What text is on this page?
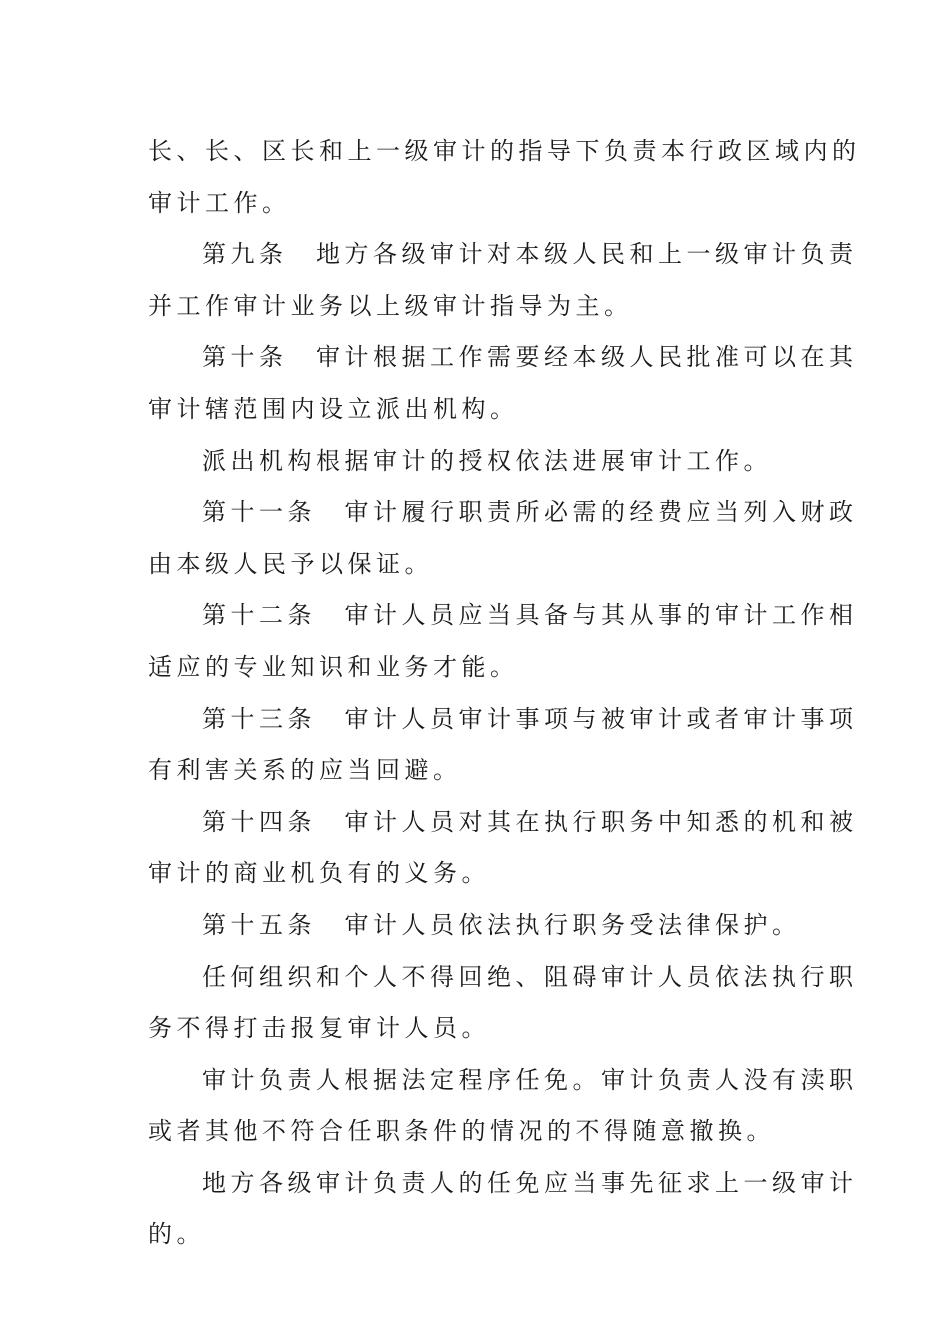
长、长、区长和上一级审计的指导下负责本行政区域内的
审计工作。
第九条　地方各级审计对本级人民和上一级审计负责
并工作审计业务以上级审计指导为主。
第十条　审计根据工作需要经本级人民批准可以在其
审计辖范围内设立派出机构。
派出机构根据审计的授权依法进展审计工作。
第十一条　审计履行职责所必需的经费应当列入财政
由本级人民予以保证。
第十二条　审计人员应当具备与其从事的审计工作相
适应的专业知识和业务才能。
第十三条　审计人员审计事项与被审计或者审计事项
有利害关系的应当回避。
第十四条　审计人员对其在执行职务中知悉的机和被
审计的商业机负有的义务。
第十五条　审计人员依法执行职务受法律保护。
任何组织和个人不得回绝、阻碍审计人员依法执行职
务不得打击报复审计人员。
审计负责人根据法定程序任免。审计负责人没有渎职
或者其他不符合任职条件的情况的不得随意撤换。
地方各级审计负责人的任免应当事先征求上一级审计
的。
